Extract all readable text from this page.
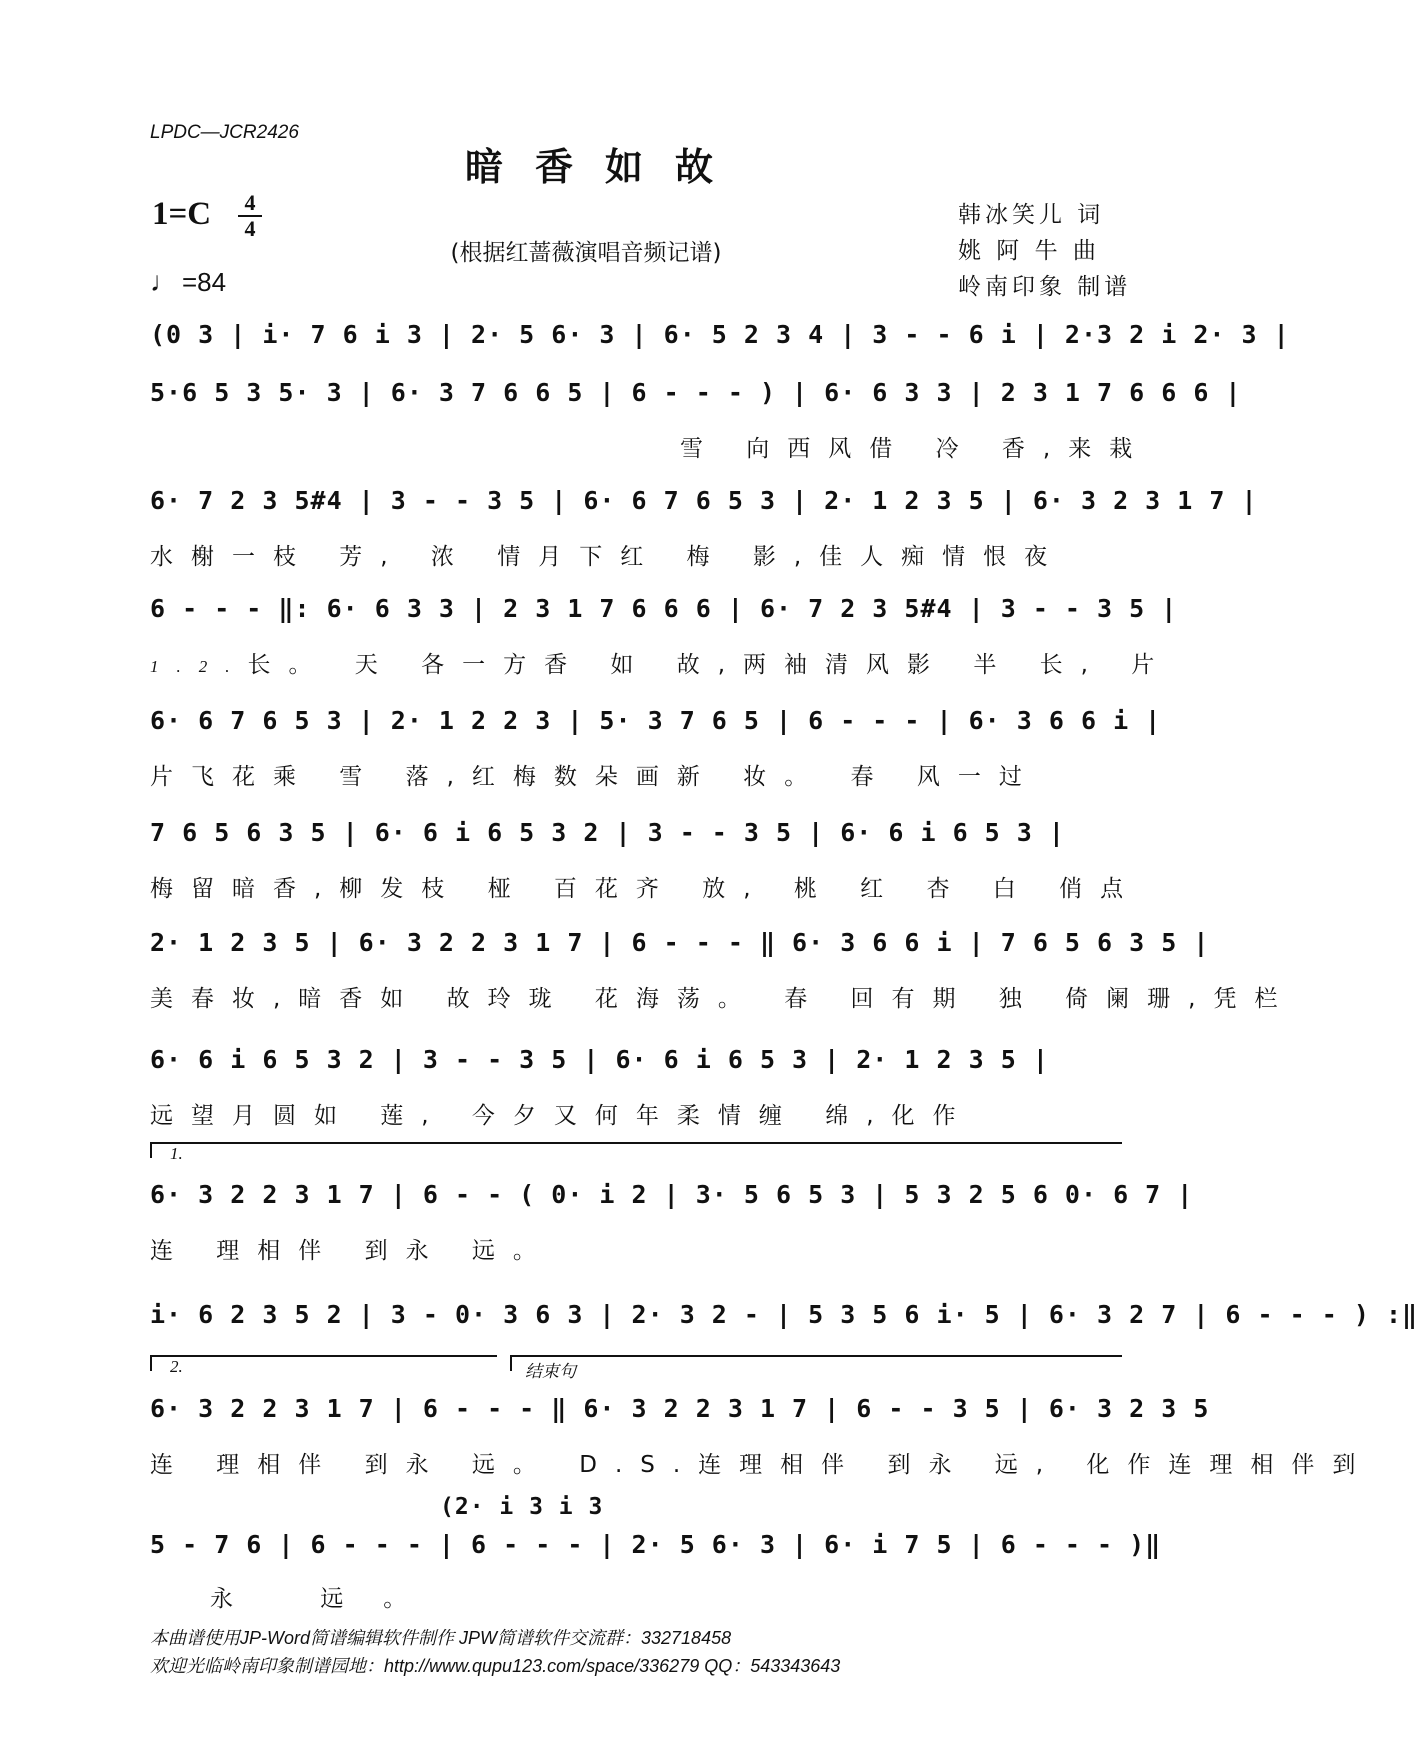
LPDC—JCR2426
暗香如故
1=C 4
4
♩ =84
(根据红蔷薇演唱音频记谱)
韩冰笑儿 词
姚 阿 牛 曲
岭南印象 制谱
(0 3 | i· 7 6 i 3 | 2· 5 6· 3 | 6· 5 2 3 4 | 3 - - 6 i | 2·3 2 i 2· 3 |
5·6 5 3 5· 3 | 6· 3 7 6 6 5 | 6 - - - ) | 6· 6 3 3 | 2 3 1 7 6 6 6 |
雪 向西风借 冷 香,来栽
6· 7 2 3 5#4 | 3 - - 3 5 | 6· 6 7 6 5 3 | 2· 1 2 3 5 | 6· 3 2 3 1 7 |
水榭一枝 芳, 浓 情月下红 梅 影,佳人痴情恨夜
6 - - - ‖: 6· 6 3 3 | 2 3 1 7 6 6 6 | 6· 7 2 3 5#4 | 3 - - 3 5 |
1.2.长。 天 各一方香 如 故,两袖清风影 半 长, 片
6· 6 7 6 5 3 | 2· 1 2 2 3 | 5· 3 7 6 5 | 6 - - - | 6· 3 6 6 i |
片飞花乘 雪 落,红梅数朵画新 妆。 春 风一过
7 6 5 6 3 5 | 6· 6 i 6 5 3 2 | 3 - - 3 5 | 6· 6 i 6 5 3 |
梅留暗香,柳发枝 桠 百花齐 放, 桃 红 杏 白 俏点
2· 1 2 3 5 | 6· 3 2 2 3 1 7 | 6 - - - ‖ 6· 3 6 6 i | 7 6 5 6 3 5 |
美春妆,暗香如 故玲珑 花海荡。 春 回有期 独 倚阑珊,凭栏
6· 6 i 6 5 3 2 | 3 - - 3 5 | 6· 6 i 6 5 3 | 2· 1 2 3 5 |
远望月圆如 莲, 今夕又何年柔情缠 绵,化作
1.
6· 3 2 2 3 1 7 | 6 - - ( 0· i 2 | 3· 5 6 5 3 | 5 3 2 5 6 0· 6 7 |
连 理相伴 到永 远。
i· 6 2 3 5 2 | 3 - 0· 3 6 3 | 2· 3 2 - | 5 3 5 6 i· 5 | 6· 3 2 7 | 6 - - - ) :‖
2.	结束句
6· 3 2 2 3 1 7 | 6 - - - ‖ 6· 3 2 2 3 1 7 | 6 - - 3 5 | 6· 3 2 3 5
连 理相伴 到永 远。 D.S.连理相伴 到永 远, 化作连理相伴到
(2· i 3 i 3
5 - 7 6 | 6 - - - | 6 - - - | 2· 5 6· 3 | 6· i 7 5 | 6 - - - )‖
永 远。
本曲谱使用JP-Word简谱编辑软件制作 JPW简谱软件交流群：332718458
欢迎光临岭南印象制谱园地：http://www.qupu123.com/space/336279 QQ：543343643
